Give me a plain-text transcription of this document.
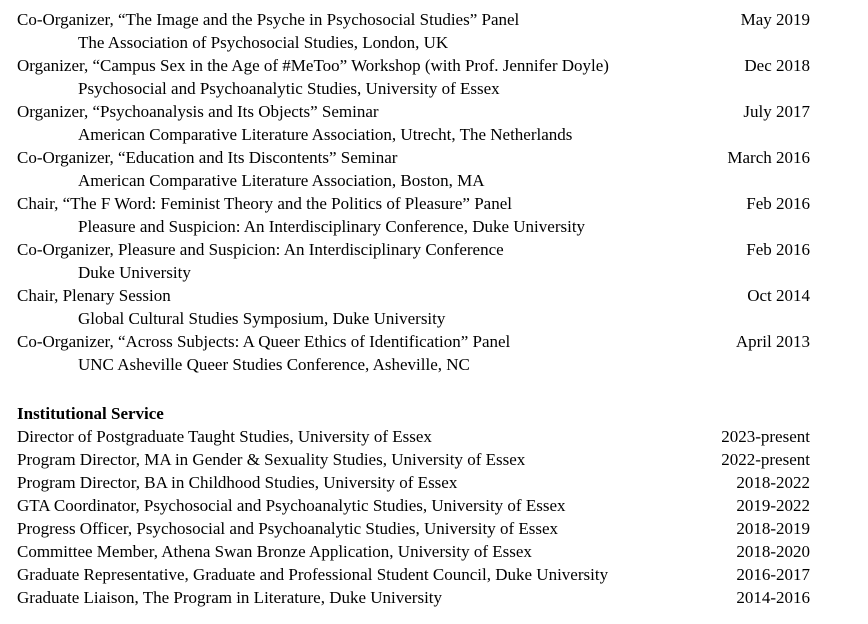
Co-Organizer, “The Image and the Psyche in Psychosocial Studies” Panel	May 2019
The Association of Psychosocial Studies, London, UK
Organizer, “Campus Sex in the Age of #MeToo” Workshop (with Prof. Jennifer Doyle)	Dec 2018
Psychosocial and Psychoanalytic Studies, University of Essex
Organizer, “Psychoanalysis and Its Objects” Seminar	July 2017
American Comparative Literature Association, Utrecht, The Netherlands
Co-Organizer, “Education and Its Discontents” Seminar	March 2016
American Comparative Literature Association, Boston, MA
Chair, “The F Word: Feminist Theory and the Politics of Pleasure” Panel	Feb 2016
Pleasure and Suspicion: An Interdisciplinary Conference, Duke University
Co-Organizer, Pleasure and Suspicion: An Interdisciplinary Conference	Feb 2016
Duke University
Chair, Plenary Session	Oct 2014
Global Cultural Studies Symposium, Duke University
Co-Organizer, “Across Subjects: A Queer Ethics of Identification” Panel	April 2013
UNC Asheville Queer Studies Conference, Asheville, NC
Institutional Service
Director of Postgraduate Taught Studies, University of Essex	2023-present
Program Director, MA in Gender & Sexuality Studies, University of Essex	2022-present
Program Director, BA in Childhood Studies, University of Essex	2018-2022
GTA Coordinator, Psychosocial and Psychoanalytic Studies, University of Essex	2019-2022
Progress Officer, Psychosocial and Psychoanalytic Studies, University of Essex	2018-2019
Committee Member, Athena Swan Bronze Application, University of Essex	2018-2020
Graduate Representative, Graduate and Professional Student Council, Duke University	2016-2017
Graduate Liaison, The Program in Literature, Duke University	2014-2016
